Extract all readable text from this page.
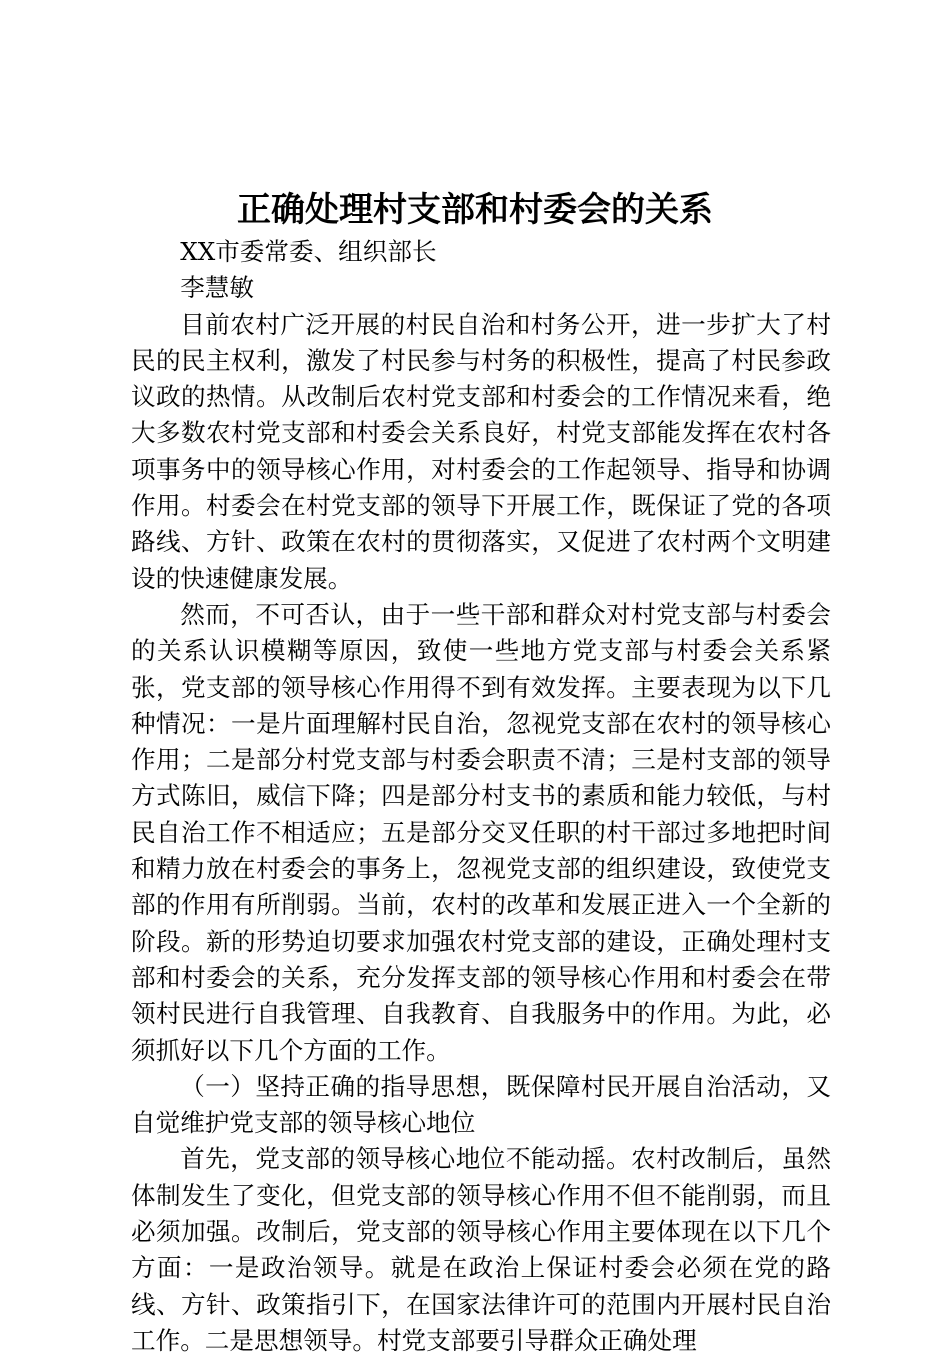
正确处理村支部和村委会的关系

XX市委常委、组织部长

李慧敏

目前农村广泛开展的村民自治和村务公开，进一步扩大了村民的民主权利，激发了村民参与村务的积极性，提高了村民参政议政的热情。从改制后农村党支部和村委会的工作情况来看，绝大多数农村党支部和村委会关系良好，村党支部能发挥在农村各项事务中的领导核心作用，对村委会的工作起领导、指导和协调作用。村委会在村党支部的领导下开展工作，既保证了党的各项路线、方针、政策在农村的贯彻落实，又促进了农村两个文明建设的快速健康发展。

然而，不可否认，由于一些干部和群众对村党支部与村委会的关系认识模糊等原因，致使一些地方党支部与村委会关系紧张，党支部的领导核心作用得不到有效发挥。主要表现为以下几种情况：一是片面理解村民自治，忽视党支部在农村的领导核心作用；二是部分村党支部与村委会职责不清；三是村支部的领导方式陈旧，威信下降；四是部分村支书的素质和能力较低，与村民自治工作不相适应；五是部分交叉任职的村干部过多地把时间和精力放在村委会的事务上，忽视党支部的组织建设，致使党支部的作用有所削弱。当前，农村的改革和发展正进入一个全新的阶段。新的形势迫切要求加强农村党支部的建设，正确处理村支部和村委会的关系，充分发挥支部的领导核心作用和村委会在带领村民进行自我管理、自我教育、自我服务中的作用。为此，必须抓好以下几个方面的工作。

（一）坚持正确的指导思想，既保障村民开展自治活动，又自觉维护党支部的领导核心地位

首先，党支部的领导核心地位不能动摇。农村改制后，虽然体制发生了变化，但党支部的领导核心作用不但不能削弱，而且必须加强。改制后，党支部的领导核心作用主要体现在以下几个方面：一是政治领导。就是在政治上保证村委会必须在党的路线、方针、政策指引下，在国家法律许可的范围内开展村民自治工作。二是思想领导。村党支部要引导群众正确处理
